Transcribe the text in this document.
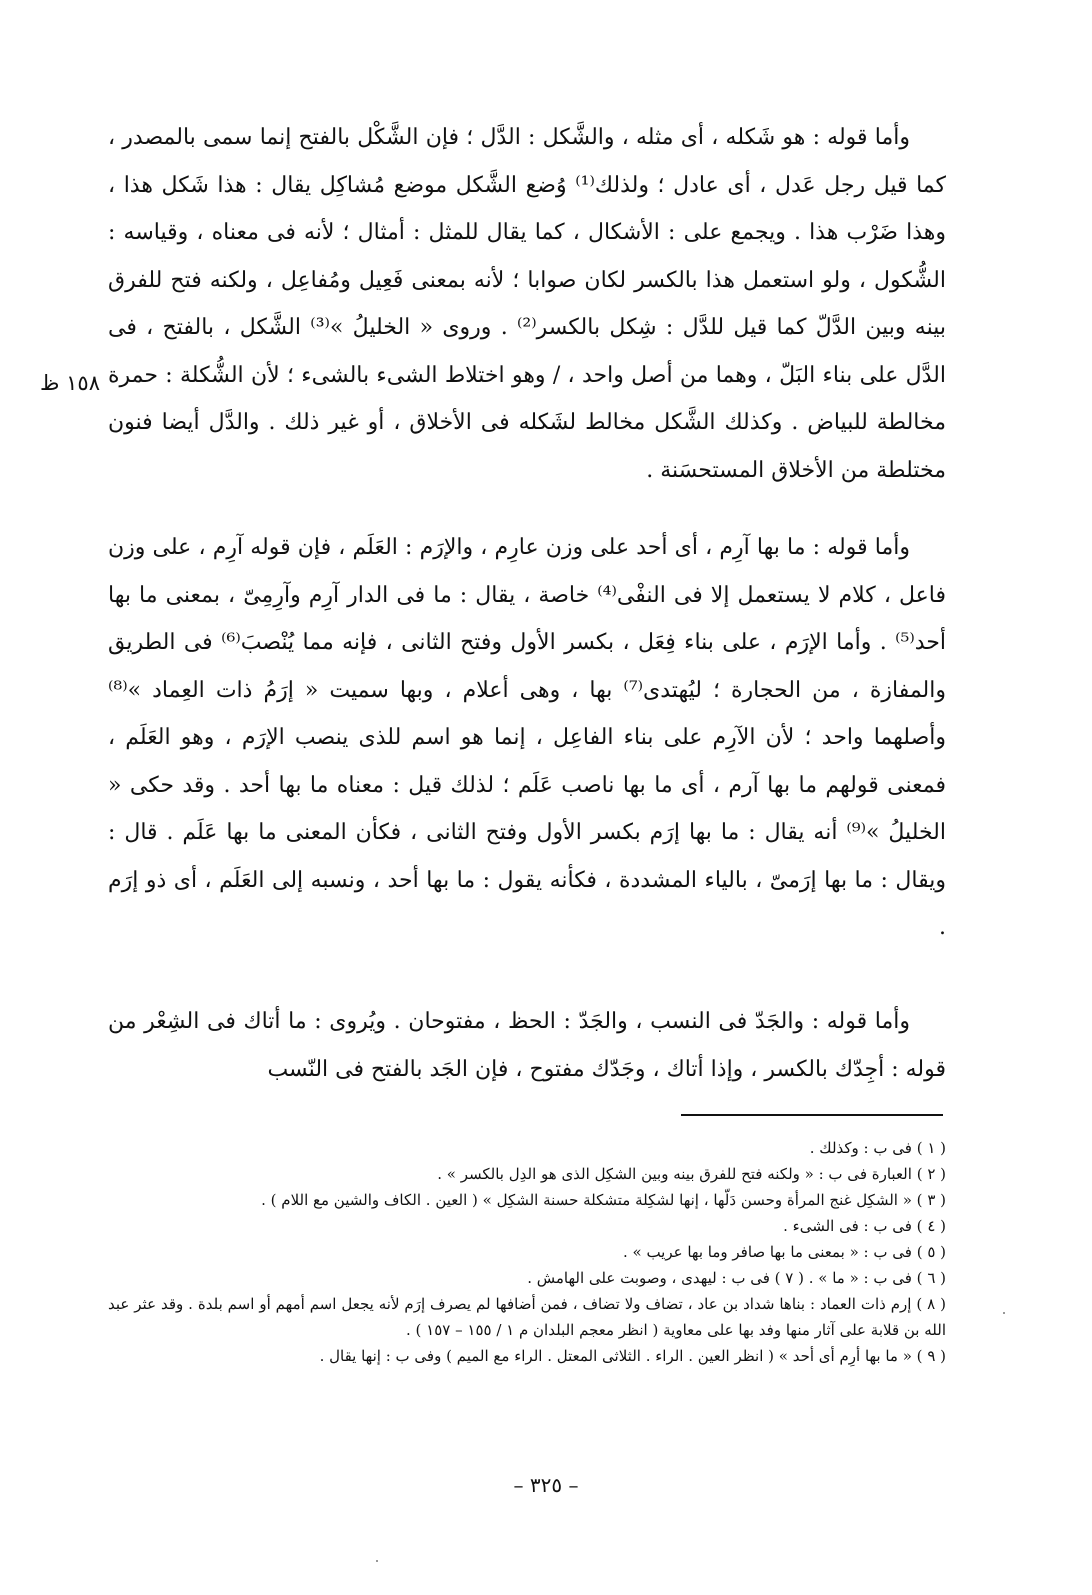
وأما قوله : هو شَكله ، أى مثله ، والشَّكل : الدَّل ؛ فإن الشَّكْل بالفتح إنما سمى بالمصدر ، كما قيل رجل عَدل ، أى عادل ؛ ولذلك⁽¹⁾ وُضع الشَّكل موضع مُشاكِل يقال : هذا شَكل هذا ، وهذا ضَرْب هذا . ويجمع على : الأشكال ، كما يقال للمثل : أمثال ؛ لأنه فى معناه ، وقياسه : الشُّكول ، ولو استعمل هذا بالكسر لكان صوابا ؛ لأنه بمعنى فَعِيل ومُفاعِل ، ولكنه فتح للفرق بينه وبين الدَّلّ كما قيل للدَّل : شِكل بالكسر⁽²⁾ . وروى « الخليلُ »⁽³⁾ الشَّكل ، بالفتح ، فى الدَّل على بناء البَلّ ، وهما من أصل واحد ، / وهو اختلاط الشىء بالشىء ؛ لأن الشُّكلة : حمرة مخالطة للبياض . وكذلك الشَّكل مخالط لشَكله فى الأخلاق ، أو غير ذلك . والدَّل أيضا فنون مختلطة من الأخلاق المستحسَنة .

١٥٨ ظ

وأما قوله : ما بها آرِم ، أى أحد على وزن عارِم ، والإرَم : العَلَم ، فإن قوله آرِم ، على وزن فاعل ، كلام لا يستعمل إلا فى النفْى⁽⁴⁾ خاصة ، يقال : ما فى الدار آرِم وآرِمِىّ ، بمعنى ما بها أحد⁽⁵⁾ . وأما الإرَم ، على بناء فِعَل ، بكسر الأول وفتح الثانى ، فإنه مما يُنْصبَ⁽⁶⁾ فى الطريق والمفازة ، من الحجارة ؛ ليُهتدى⁽⁷⁾ بها ، وهى أعلام ، وبها سميت « إرَمُ ذات العِماد »⁽⁸⁾ وأصلهما واحد ؛ لأن الآرِم على بناء الفاعِل ، إنما هو اسم للذى ينصب الإرَم ، وهو العَلَم ، فمعنى قولهم ما بها آرم ، أى ما بها ناصب عَلَم ؛ لذلك قيل : معناه ما بها أحد . وقد حكى « الخليلُ »⁽⁹⁾ أنه يقال : ما بها إرَم بكسر الأول وفتح الثانى ، فكأن المعنى ما بها عَلَم . قال : ويقال : ما بها إرَمىّ ، بالياء المشددة ، فكأنه يقول : ما بها أحد ، ونسبه إلى العَلَم ، أى ذو إرَم .

وأما قوله : والجَدّ فى النسب ، والجَدّ : الحظ ، مفتوحان . ويُروى : ما أتاك فى الشِعْر من قوله : أجِدّك بالكسر ، وإذا أتاك ، وجَدّك مفتوح ، فإن الجَد بالفتح فى النّسب

( ١ ) فى ب : وكذلك .
( ٢ ) العبارة فى ب : « ولكنه فتح للفرق بينه وبين الشكِل الذى هو الدِل بالكسر » .
( ٣ ) « الشكِل غنج المرأة وحسن دَلّها ، إنها لشكِلة متشكلة حسنة الشكِل » ( العين . الكاف والشين مع اللام ) .
( ٤ ) فى ب : فى الشىء .
( ٥ ) فى ب : « بمعنى ما بها صافر وما بها عريب » .
( ٦ ) فى ب : « ما » . ( ٧ ) فى ب : ليهدى ، وصوبت على الهامش .
( ٨ ) إرم ذات العماد : بناها شداد بن عاد ، تضاف ولا تضاف ، فمن أضافها لم يصرف إرَم لأنه يجعل اسم أمهم أو اسم بلدة . وقد عثر عبد الله بن قلابة على آثار منها وفد بها على معاوية ( انظر معجم البلدان م ١ / ١٥٥ – ١٥٧ ) .
( ٩ ) « ما بها أرِم أى أحد » ( انظر العين . الراء . الثلاثى المعتل . الراء مع الميم ) وفى ب : إنها يقال .
– ٣٢٥ –
